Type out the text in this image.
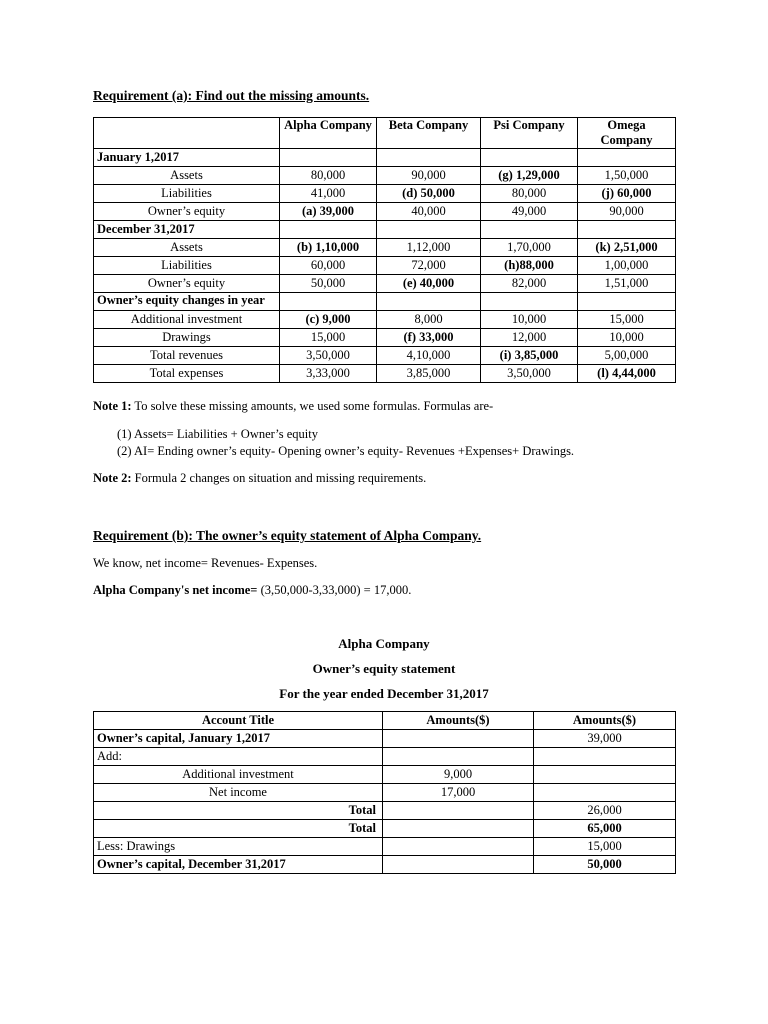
Requirement (a): Find out the missing amounts.
	Alpha Company	Beta Company	Psi Company	Omega Company
January 1,2017				
Assets	80,000	90,000	(g) 1,29,000	1,50,000
Liabilities	41,000	(d) 50,000	80,000	(j) 60,000
Owner’s equity	(a) 39,000	40,000	49,000	90,000
December 31,2017				
Assets	(b) 1,10,000	1,12,000	1,70,000	(k) 2,51,000
Liabilities	60,000	72,000	(h)88,000	1,00,000
Owner’s equity	50,000	(e) 40,000	82,000	1,51,000
Owner’s equity changes in year				
Additional investment	(c) 9,000	8,000	10,000	15,000
Drawings	15,000	(f) 33,000	12,000	10,000
Total revenues	3,50,000	4,10,000	(i) 3,85,000	5,00,000
Total expenses	3,33,000	3,85,000	3,50,000	(l) 4,44,000
Note 1: To solve these missing amounts, we used some formulas. Formulas are-
(1) Assets= Liabilities + Owner’s equity
(2) AI= Ending owner’s equity- Opening owner’s equity- Revenues +Expenses+ Drawings.
Note 2: Formula 2 changes on situation and missing requirements.
Requirement (b): The owner’s equity statement of Alpha Company.
We know, net income= Revenues- Expenses.
Alpha Company's net income= (3,50,000-3,33,000) = 17,000.
Alpha Company
Owner’s equity statement
For the year ended December 31,2017
Account Title	Amounts($)	Amounts($)
Owner’s capital, January 1,2017		39,000
Add:		
Additional investment	9,000	
Net income	17,000	
Total		26,000
Total		65,000
Less: Drawings		15,000
Owner’s capital, December 31,2017		50,000
